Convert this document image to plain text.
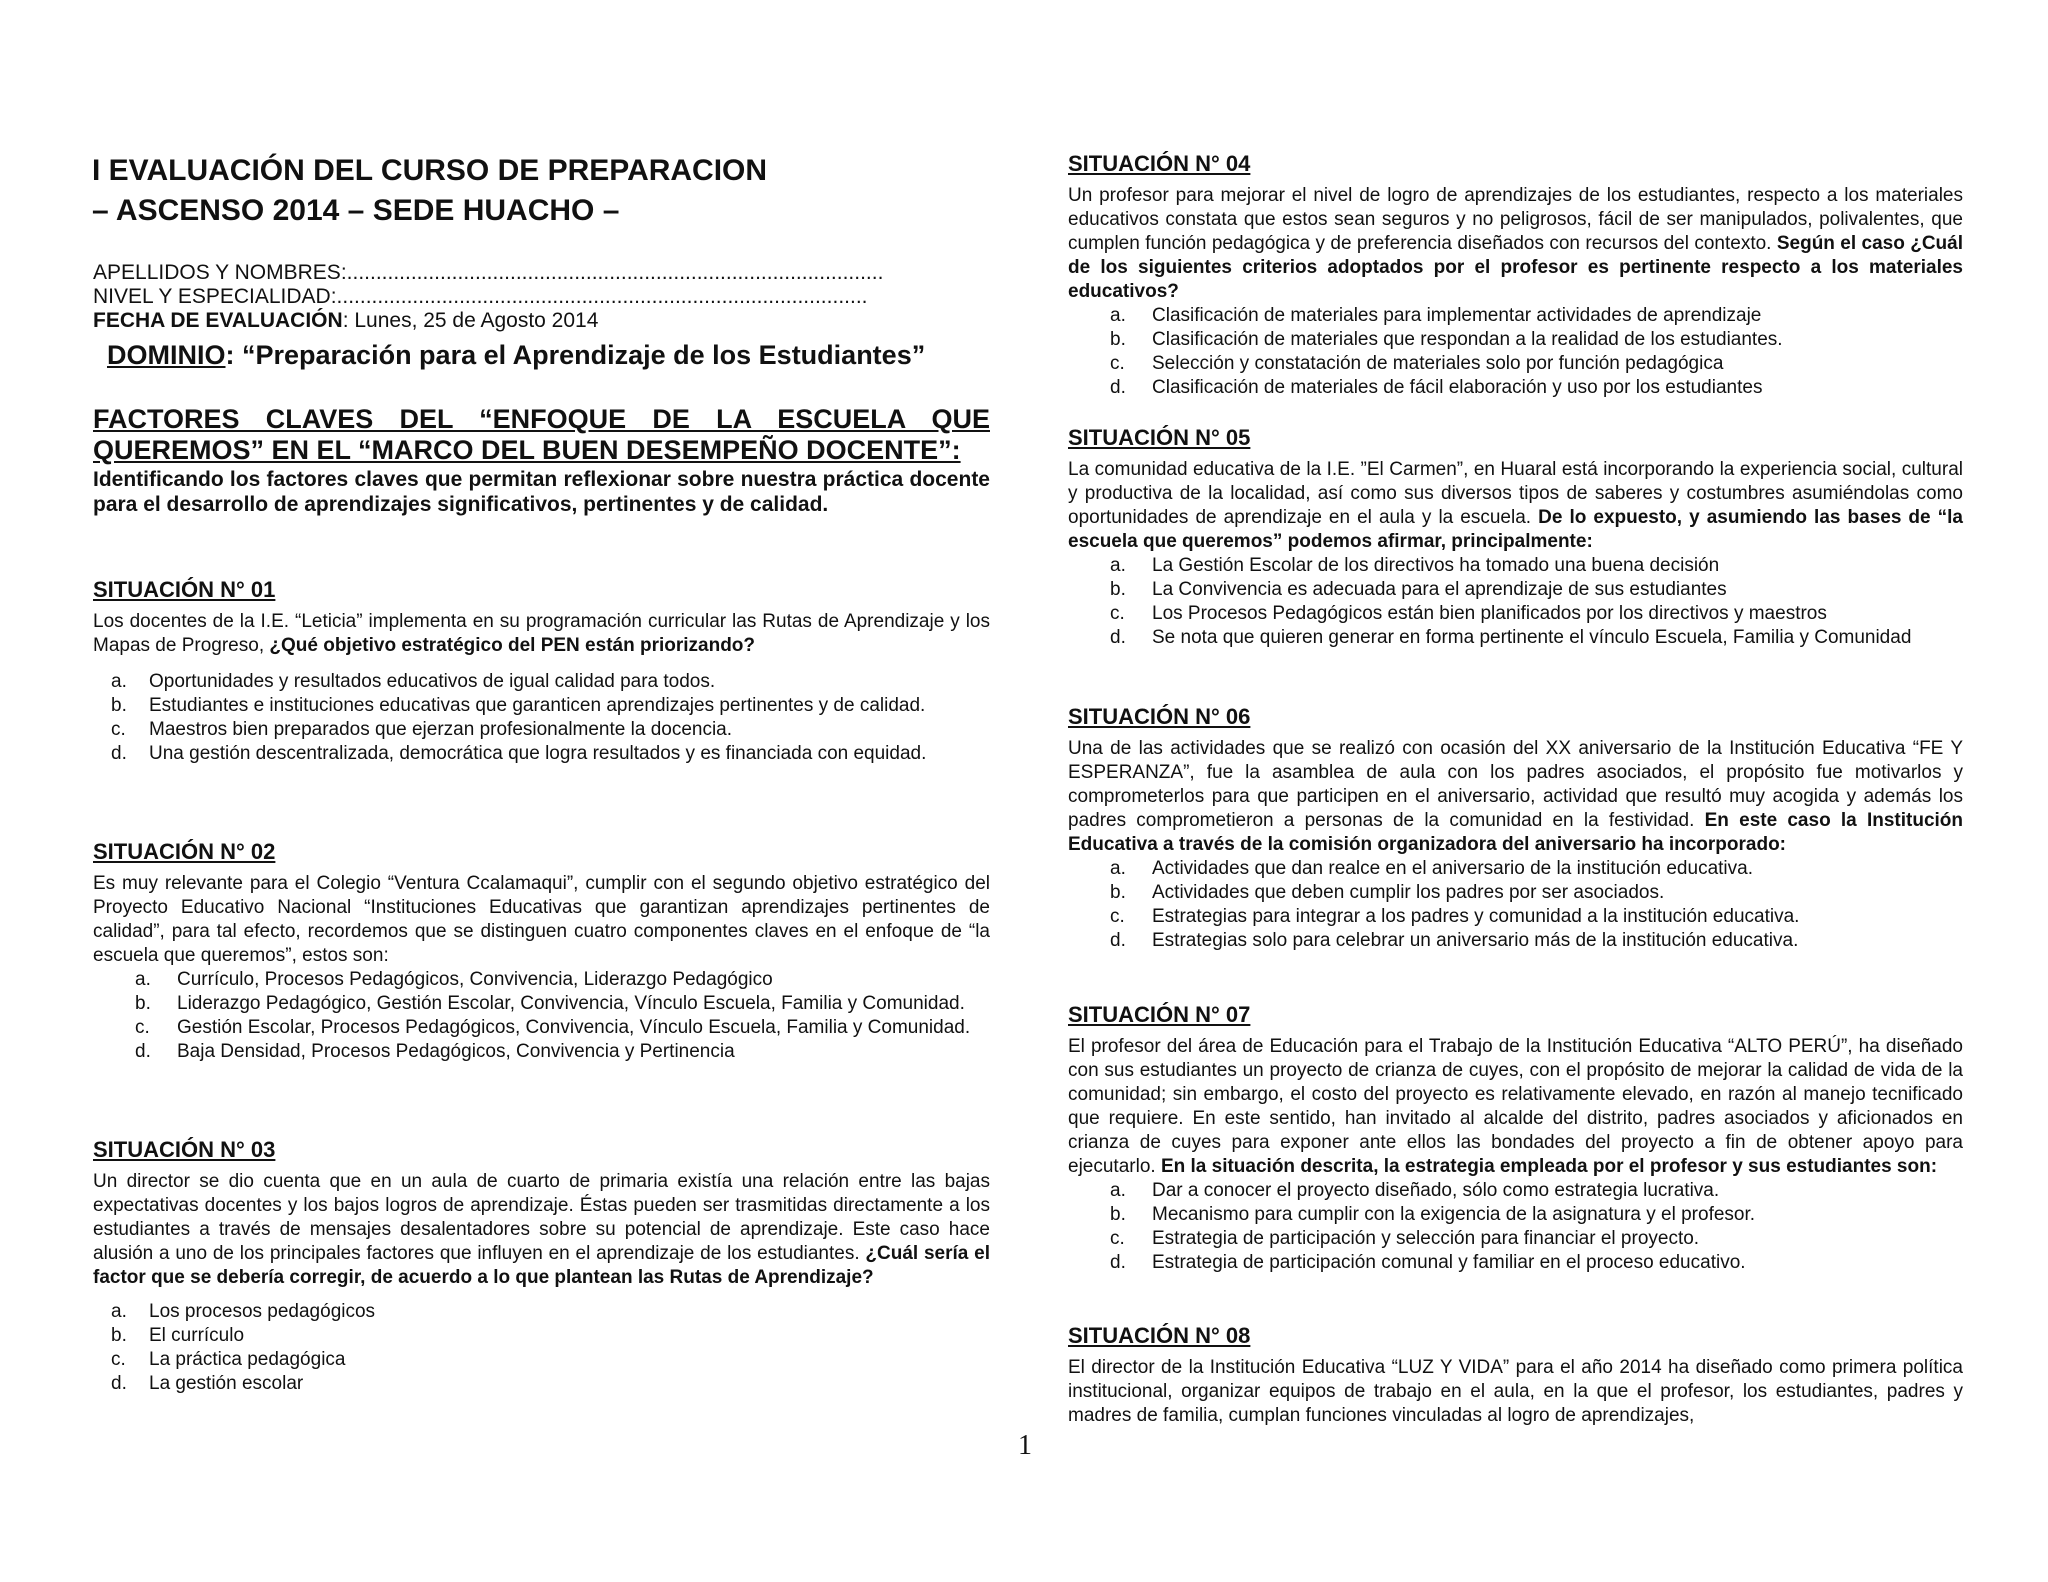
I EVALUACIÓN DEL CURSO DE PREPARACION
– ASCENSO 2014 – SEDE HUACHO –
APELLIDOS Y NOMBRES:............................................................................................
NIVEL Y ESPECIALIDAD:...........................................................................................
FECHA DE EVALUACIÓN: Lunes, 25 de Agosto 2014
DOMINIO: “Preparación para el Aprendizaje de los Estudiantes”
FACTORES CLAVES DEL “ENFOQUE DE LA ESCUELA QUE QUEREMOS” EN EL “MARCO DEL BUEN DESEMPEÑO DOCENTE”:
Identificando los factores claves que permitan reflexionar sobre nuestra práctica docente para el desarrollo de aprendizajes significativos, pertinentes y de calidad.
SITUACIÓN N° 01
Los docentes de la I.E. “Leticia” implementa en su programación curricular las Rutas de Aprendizaje y los Mapas de Progreso, ¿Qué objetivo estratégico del PEN están priorizando?
a. Oportunidades y resultados educativos de igual calidad para todos.
b. Estudiantes e instituciones educativas que garanticen aprendizajes pertinentes y de calidad.
c. Maestros bien preparados que ejerzan profesionalmente la docencia.
d. Una gestión descentralizada, democrática que logra resultados y es financiada con equidad.
SITUACIÓN N° 02
Es muy relevante para el Colegio “Ventura Ccalamaqui”, cumplir con el segundo objetivo estratégico del Proyecto Educativo Nacional “Instituciones Educativas que garantizan aprendizajes pertinentes de calidad”, para tal efecto, recordemos que se distinguen cuatro componentes claves en el enfoque de “la escuela que queremos”, estos son:
a. Currículo, Procesos Pedagógicos, Convivencia, Liderazgo Pedagógico
b. Liderazgo Pedagógico, Gestión Escolar, Convivencia, Vínculo Escuela, Familia y Comunidad.
c. Gestión Escolar, Procesos Pedagógicos, Convivencia, Vínculo Escuela, Familia y Comunidad.
d. Baja Densidad, Procesos Pedagógicos, Convivencia y Pertinencia
SITUACIÓN N° 03
Un director se dio cuenta que en un aula de cuarto de primaria existía una relación entre las bajas expectativas docentes y los bajos logros de aprendizaje. Éstas pueden ser trasmitidas directamente a los estudiantes a través de mensajes desalentadores sobre su potencial de aprendizaje. Este caso hace alusión a uno de los principales factores que influyen en el aprendizaje de los estudiantes. ¿Cuál sería el factor que se debería corregir, de acuerdo a lo que plantean las Rutas de Aprendizaje?
a. Los procesos pedagógicos
b. El currículo
c. La práctica pedagógica
d. La gestión escolar
SITUACIÓN N° 04
Un profesor para mejorar el nivel de logro de aprendizajes de los estudiantes, respecto a los materiales educativos constata que estos sean seguros y no peligrosos, fácil de ser manipulados, polivalentes, que cumplen función pedagógica y de preferencia diseñados con recursos del contexto. Según el caso ¿Cuál de los siguientes criterios adoptados por el profesor es pertinente respecto a los materiales educativos?
a. Clasificación de materiales para implementar actividades de aprendizaje
b. Clasificación de materiales que respondan a la realidad de los estudiantes.
c. Selección y constatación de materiales solo por función pedagógica
d. Clasificación de materiales de fácil elaboración y uso por los estudiantes
SITUACIÓN N° 05
La comunidad educativa de la I.E. ”El Carmen”, en Huaral está incorporando la experiencia social, cultural y productiva de la localidad, así como sus diversos tipos de saberes y costumbres asumiéndolas como oportunidades de aprendizaje en el aula y la escuela. De lo expuesto, y asumiendo las bases de “la escuela que queremos” podemos afirmar, principalmente:
a. La Gestión Escolar de los directivos ha tomado una buena decisión
b. La Convivencia es adecuada para el aprendizaje de sus estudiantes
c. Los Procesos Pedagógicos están bien planificados por los directivos y maestros
d. Se nota que quieren generar en forma pertinente el vínculo Escuela, Familia y Comunidad
SITUACIÓN N° 06
Una de las actividades que se realizó con ocasión del XX aniversario de la Institución Educativa “FE Y ESPERANZA”, fue la asamblea de aula con los padres asociados, el propósito fue motivarlos y comprometerlos para que participen en el aniversario, actividad que resultó muy acogida y además los padres comprometieron a personas de la comunidad en la festividad. En este caso la Institución Educativa a través de la comisión organizadora del aniversario ha incorporado:
a. Actividades que dan realce en el aniversario de la institución educativa.
b. Actividades que deben cumplir los padres por ser asociados.
c. Estrategias para integrar a los padres y comunidad a la institución educativa.
d. Estrategias solo para celebrar un aniversario más de la institución educativa.
SITUACIÓN N° 07
El profesor del área de Educación para el Trabajo de la Institución Educativa “ALTO PERÚ”, ha diseñado con sus estudiantes un proyecto de crianza de cuyes, con el propósito de mejorar la calidad de vida de la comunidad; sin embargo, el costo del proyecto es relativamente elevado, en razón al manejo tecnificado que requiere. En este sentido, han invitado al alcalde del distrito, padres asociados y aficionados en crianza de cuyes para exponer ante ellos las bondades del proyecto a fin de obtener apoyo para ejecutarlo. En la situación descrita, la estrategia empleada por el profesor y sus estudiantes son:
a. Dar a conocer el proyecto diseñado, sólo como estrategia lucrativa.
b. Mecanismo para cumplir con la exigencia de la asignatura y el profesor.
c. Estrategia de participación y selección para financiar el proyecto.
d. Estrategia de participación comunal y familiar en el proceso educativo.
SITUACIÓN N° 08
El director de la Institución Educativa “LUZ Y VIDA” para el año 2014 ha diseñado como primera política institucional, organizar equipos de trabajo en el aula, en la que el profesor, los estudiantes, padres y madres de familia, cumplan funciones vinculadas al logro de aprendizajes,
1
